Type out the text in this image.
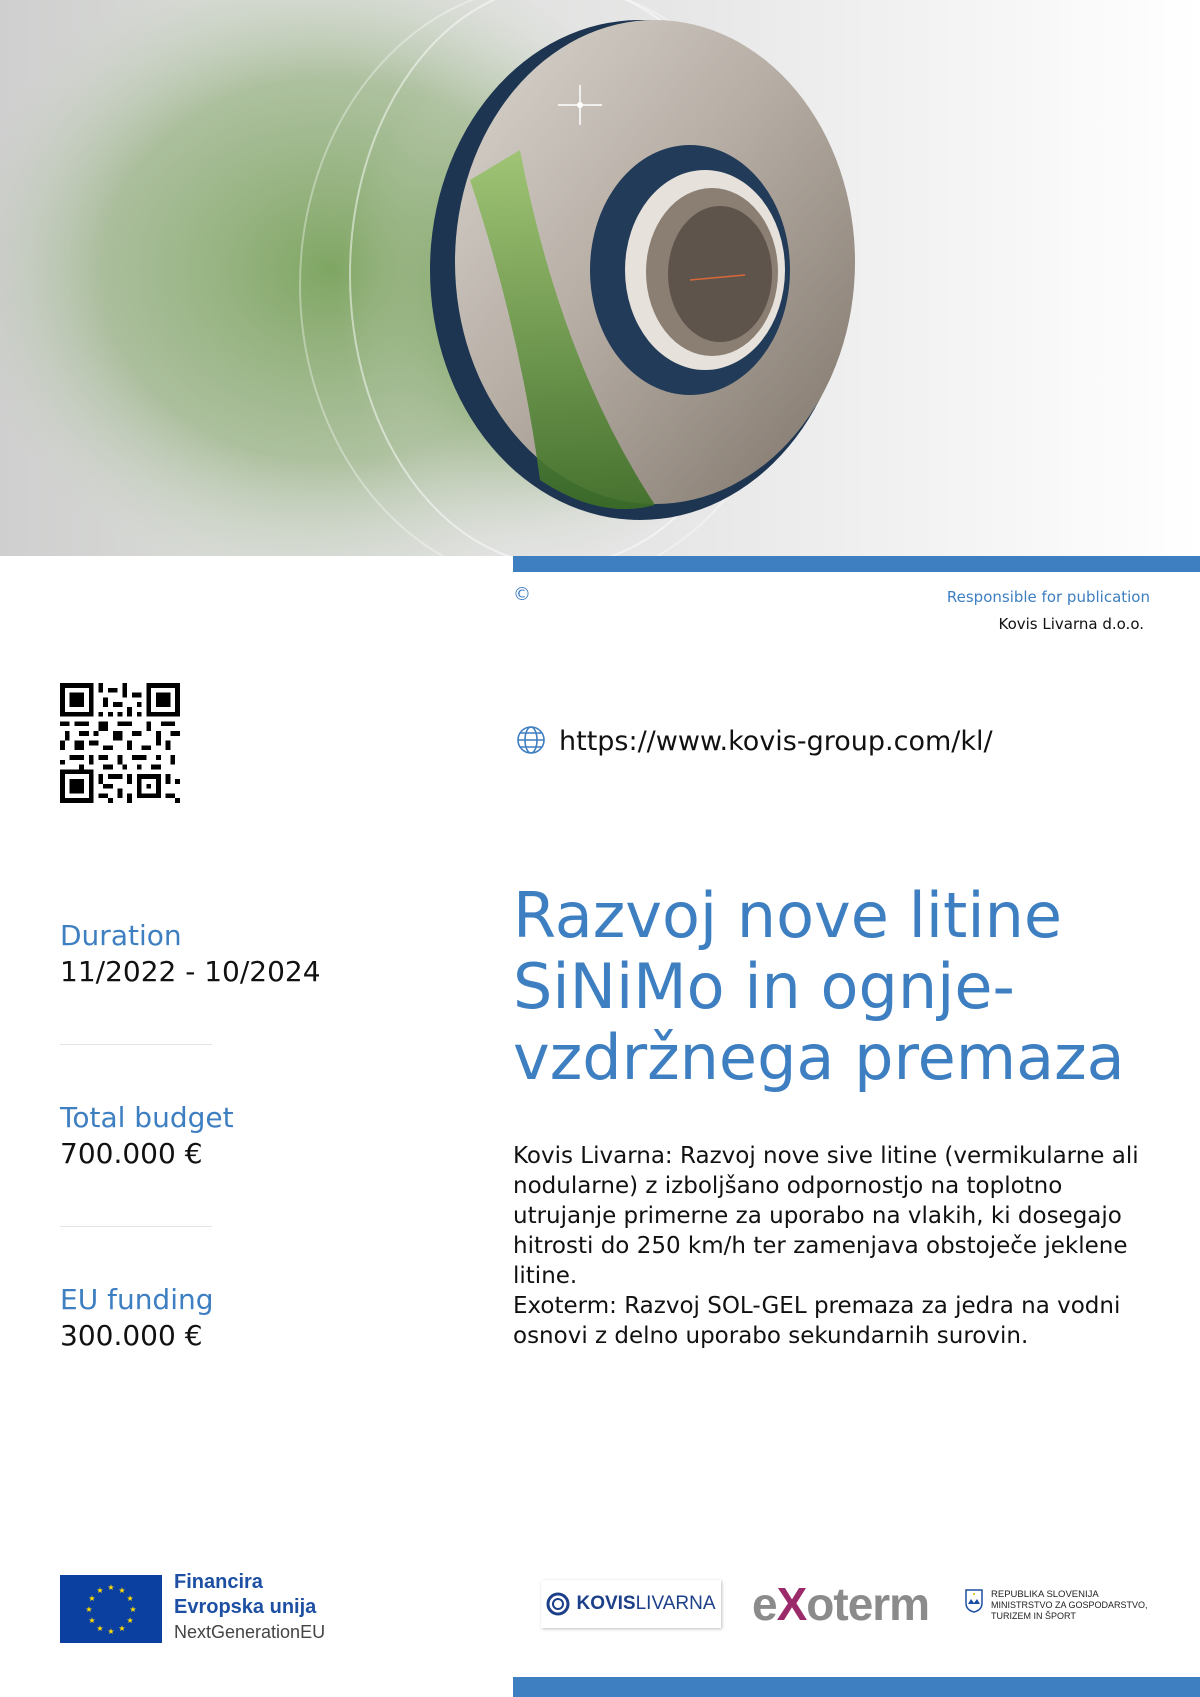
©	Responsible for publication
Kovis Livarna d.o.o.
https://www.kovis-group.com/kl/
Razvoj nove litine SiNiMo in ognje-vzdržnega premaza

Kovis Livarna: Razvoj nove sive litine (vermikularne ali nodularne) z izboljšano odpornostjo na toplotno utrujanje primerne za uporabo na vlakih, ki dosegajo hitrosti do 250 km/h ter zamenjava obstoječe jeklene litine.
Exoterm: Razvoj SOL-GEL premaza za jedra na vodni osnovi z delno uporabo sekundarnih surovin.

Duration
11/2022 - 10/2024
Total budget
700.000 €
EU funding
300.000 €
★ ★
★
★
★
★
★
★
★
★
★
★	Financira
Evropska unija
NextGenerationEU
KOVISLIVARNA eXoterm	REPUBLIKA SLOVENIJA
MINISTRSTVO ZA GOSPODARSTVO,
TURIZEM IN ŠPORT
